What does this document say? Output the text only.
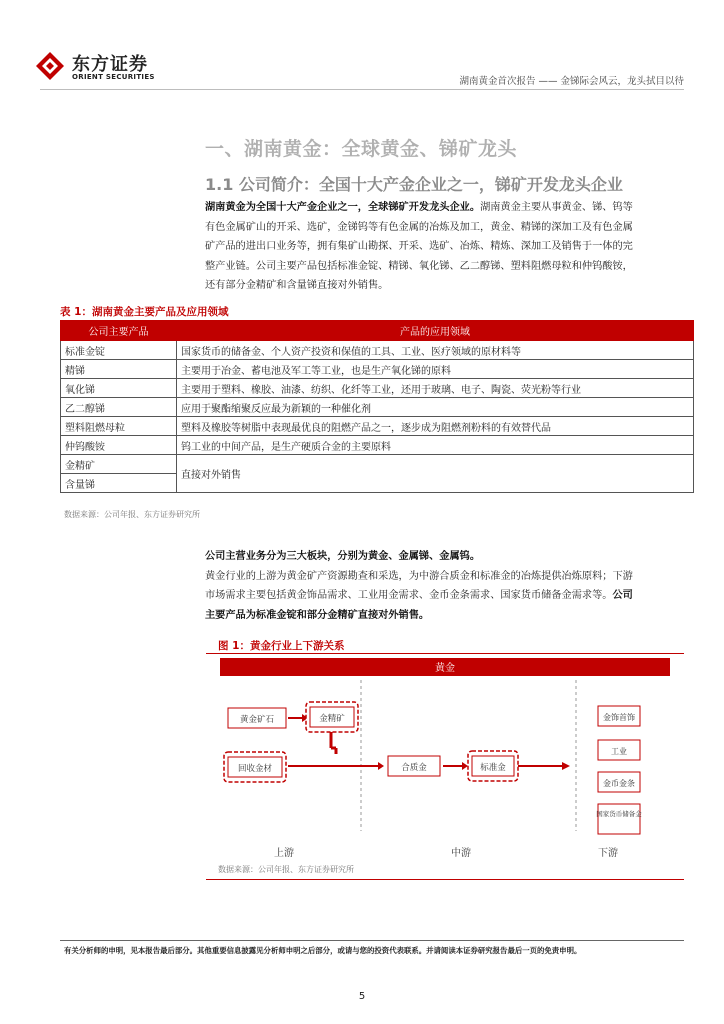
东方证券
ORIENT SECURITIES	湖南黄金首次报告 —— 金锑际会风云，龙头拭目以待
一、湖南黄金：全球黄金、锑矿龙头
1.1 公司简介：全国十大产金企业之一，锑矿开发龙头企业
湖南黄金为全国十大产金企业之一，全球锑矿开发龙头企业。湖南黄金主要从事黄金、锑、钨等
有色金属矿山的开采、选矿，金锑钨等有色金属的冶炼及加工，黄金、精锑的深加工及有色金属
矿产品的进出口业务等，拥有集矿山勘探、开采、选矿、冶炼、精炼、深加工及销售于一体的完
整产业链。公司主要产品包括标准金锭、精锑、氧化锑、乙二醇锑、塑料阻燃母粒和仲钨酸铵，
还有部分金精矿和含量锑直接对外销售。
表 1：湖南黄金主要产品及应用领域
公司主要产品	产品的应用领域
标准金锭	国家货币的储备金、个人资产投资和保值的工具、工业、医疗领域的原材料等
精锑	主要用于冶金、蓄电池及军工等工业，也是生产氧化锑的原料
氧化锑	主要用于塑料、橡胶、油漆、纺织、化纤等工业，还用于玻璃、电子、陶瓷、荧光粉等行业
乙二醇锑	应用于聚酯缩聚反应最为新颖的一种催化剂
塑料阻燃母粒	塑料及橡胶等树脂中表现最优良的阻燃产品之一，逐步成为阻燃剂粉料的有效替代品
仲钨酸铵	钨工业的中间产品，是生产硬质合金的主要原料
金精矿	直接对外销售
含量锑	
数据来源：公司年报、东方证券研究所
公司主营业务分为三大板块，分别为黄金、金属锑、金属钨。
黄金行业的上游为黄金矿产资源勘查和采选，为中游合质金和标准金的冶炼提供冶炼原料；下游
市场需求主要包括黄金饰品需求、工业用金需求、金币金条需求、国家货币储备金需求等。公司
主要产品为标准金锭和部分金精矿直接对外销售。
图 1：黄金行业上下游关系
黄金
黄金矿石	金精矿
回收金材	合质金	标准金
金饰首饰
工业
金币金条
国家货币储备金
上游	中游	下游
数据来源：公司年报、东方证券研究所
有关分析师的申明，见本报告最后部分。其他重要信息披露见分析师申明之后部分，或请与您的投资代表联系。并请阅读本证券研究报告最后一页的免责申明。
5
